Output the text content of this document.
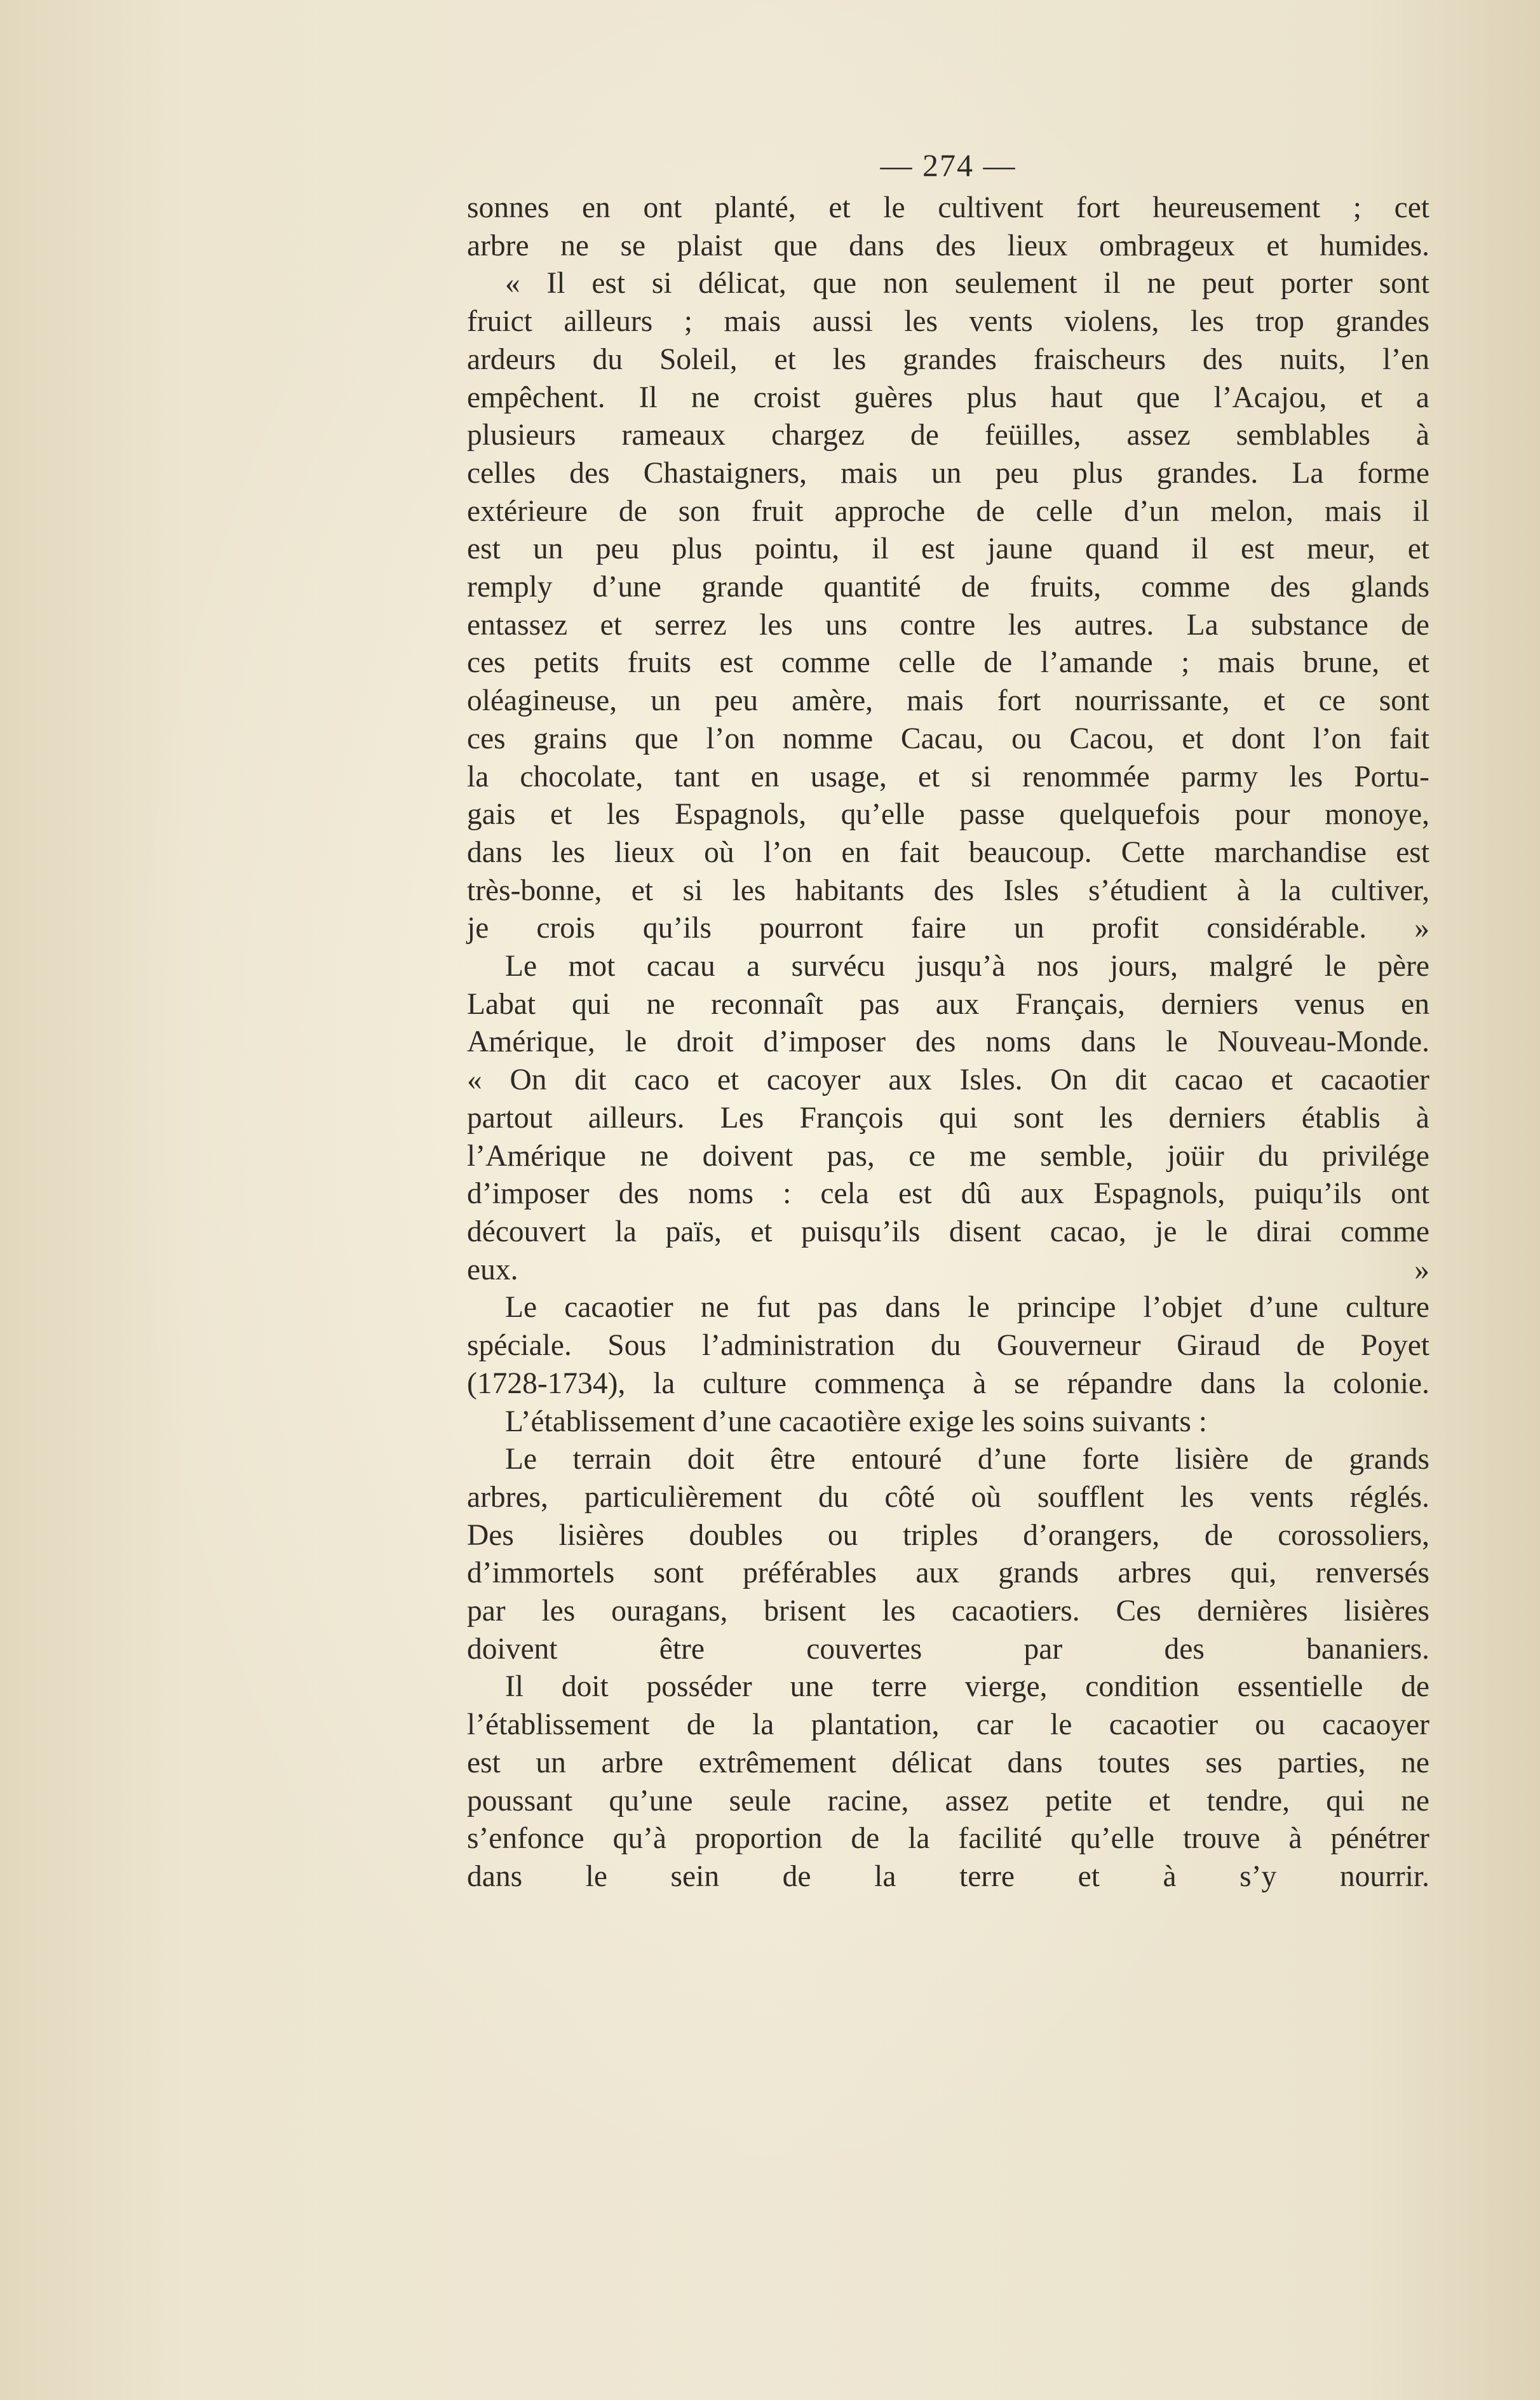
— 274 —

sonnes en ont planté, et le cultivent fort heureusement ; cet
arbre ne se plaist que dans des lieux ombrageux et humides.

« Il est si délicat, que non seulement il ne peut porter sont
fruict ailleurs ; mais aussi les vents violens, les trop grandes
ardeurs du Soleil, et les grandes fraischeurs des nuits, l’en
empêchent. Il ne croist guères plus haut que l’Acajou, et a
plusieurs rameaux chargez de feüilles, assez semblables à
celles des Chastaigners, mais un peu plus grandes. La forme
extérieure de son fruit approche de celle d’un melon, mais il
est un peu plus pointu, il est jaune quand il est meur, et
remply d’une grande quantité de fruits, comme des glands
entassez et serrez les uns contre les autres. La substance de
ces petits fruits est comme celle de l’amande ; mais brune, et
oléagineuse, un peu amère, mais fort nourrissante, et ce sont
ces grains que l’on nomme Cacau, ou Cacou, et dont l’on fait
la chocolate, tant en usage, et si renommée parmy les Portu-
gais et les Espagnols, qu’elle passe quelquefois pour monoye,
dans les lieux où l’on en fait beaucoup. Cette marchandise est
très-bonne, et si les habitants des Isles s’étudient à la cultiver,
je crois qu’ils pourront faire un profit considérable. »

Le mot cacau a survécu jusqu’à nos jours, malgré le père
Labat qui ne reconnaît pas aux Français, derniers venus en
Amérique, le droit d’imposer des noms dans le Nouveau-Monde.
« On dit caco et cacoyer aux Isles. On dit cacao et cacaotier
partout ailleurs. Les François qui sont les derniers établis à
l’Amérique ne doivent pas, ce me semble, joüir du privilége
d’imposer des noms : cela est dû aux Espagnols, puiqu’ils ont
découvert la païs, et puisqu’ils disent cacao, je le dirai comme
eux. »

Le cacaotier ne fut pas dans le principe l’objet d’une culture
spéciale. Sous l’administration du Gouverneur Giraud de Poyet
(1728-1734), la culture commença à se répandre dans la colonie.

L’établissement d’une cacaotière exige les soins suivants :

Le terrain doit être entouré d’une forte lisière de grands
arbres, particulièrement du côté où soufflent les vents réglés.
Des lisières doubles ou triples d’orangers, de corossoliers,
d’immortels sont préférables aux grands arbres qui, renversés
par les ouragans, brisent les cacaotiers. Ces dernières lisières
doivent être couvertes par des bananiers.

Il doit posséder une terre vierge, condition essentielle de
l’établissement de la plantation, car le cacaotier ou cacaoyer
est un arbre extrêmement délicat dans toutes ses parties, ne
poussant qu’une seule racine, assez petite et tendre, qui ne
s’enfonce qu’à proportion de la facilité qu’elle trouve à pénétrer
dans le sein de la terre et à s’y nourrir.
